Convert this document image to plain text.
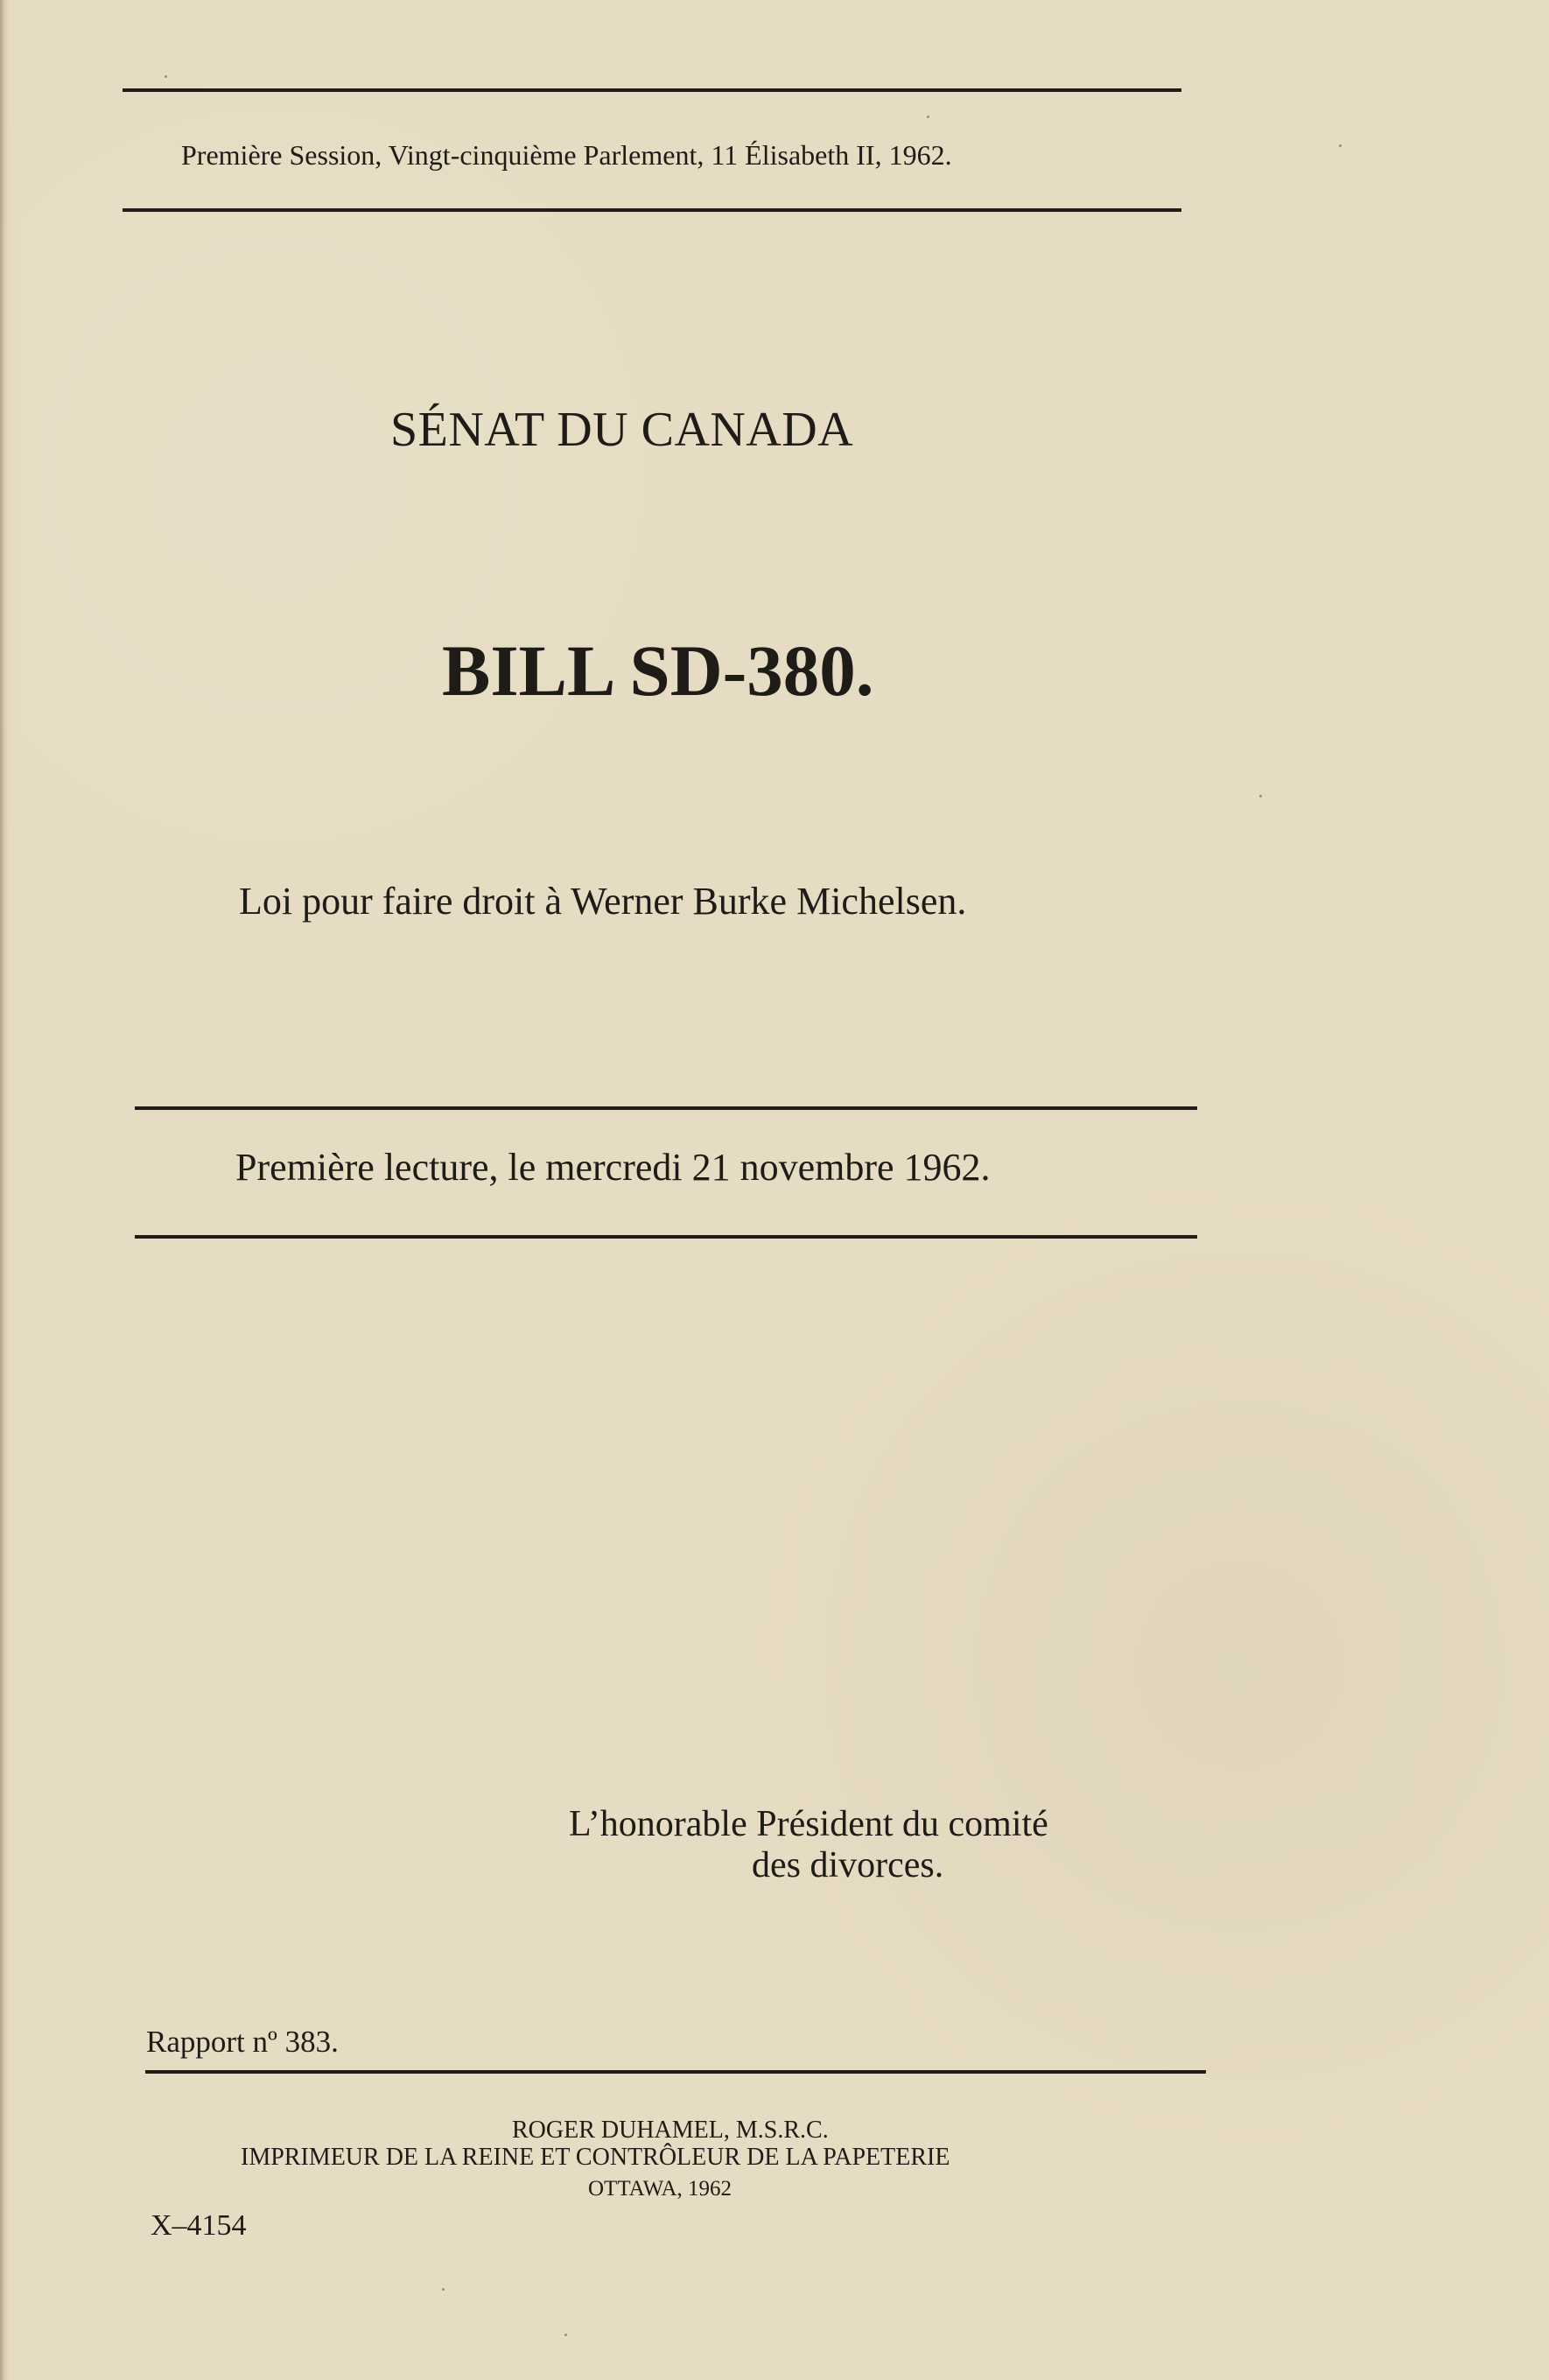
Première Session, Vingt-cinquième Parlement, 11 Élisabeth II, 1962.
SÉNAT DU CANADA
BILL SD-380.
Loi pour faire droit à Werner Burke Michelsen.
Première lecture, le mercredi 21 novembre 1962.
L’honorable Président du comité
des divorces.
Rapport nº 383.
ROGER DUHAMEL, M.S.R.C.
IMPRIMEUR DE LA REINE ET CONTRÔLEUR DE LA PAPETERIE
OTTAWA, 1962
X–4154
